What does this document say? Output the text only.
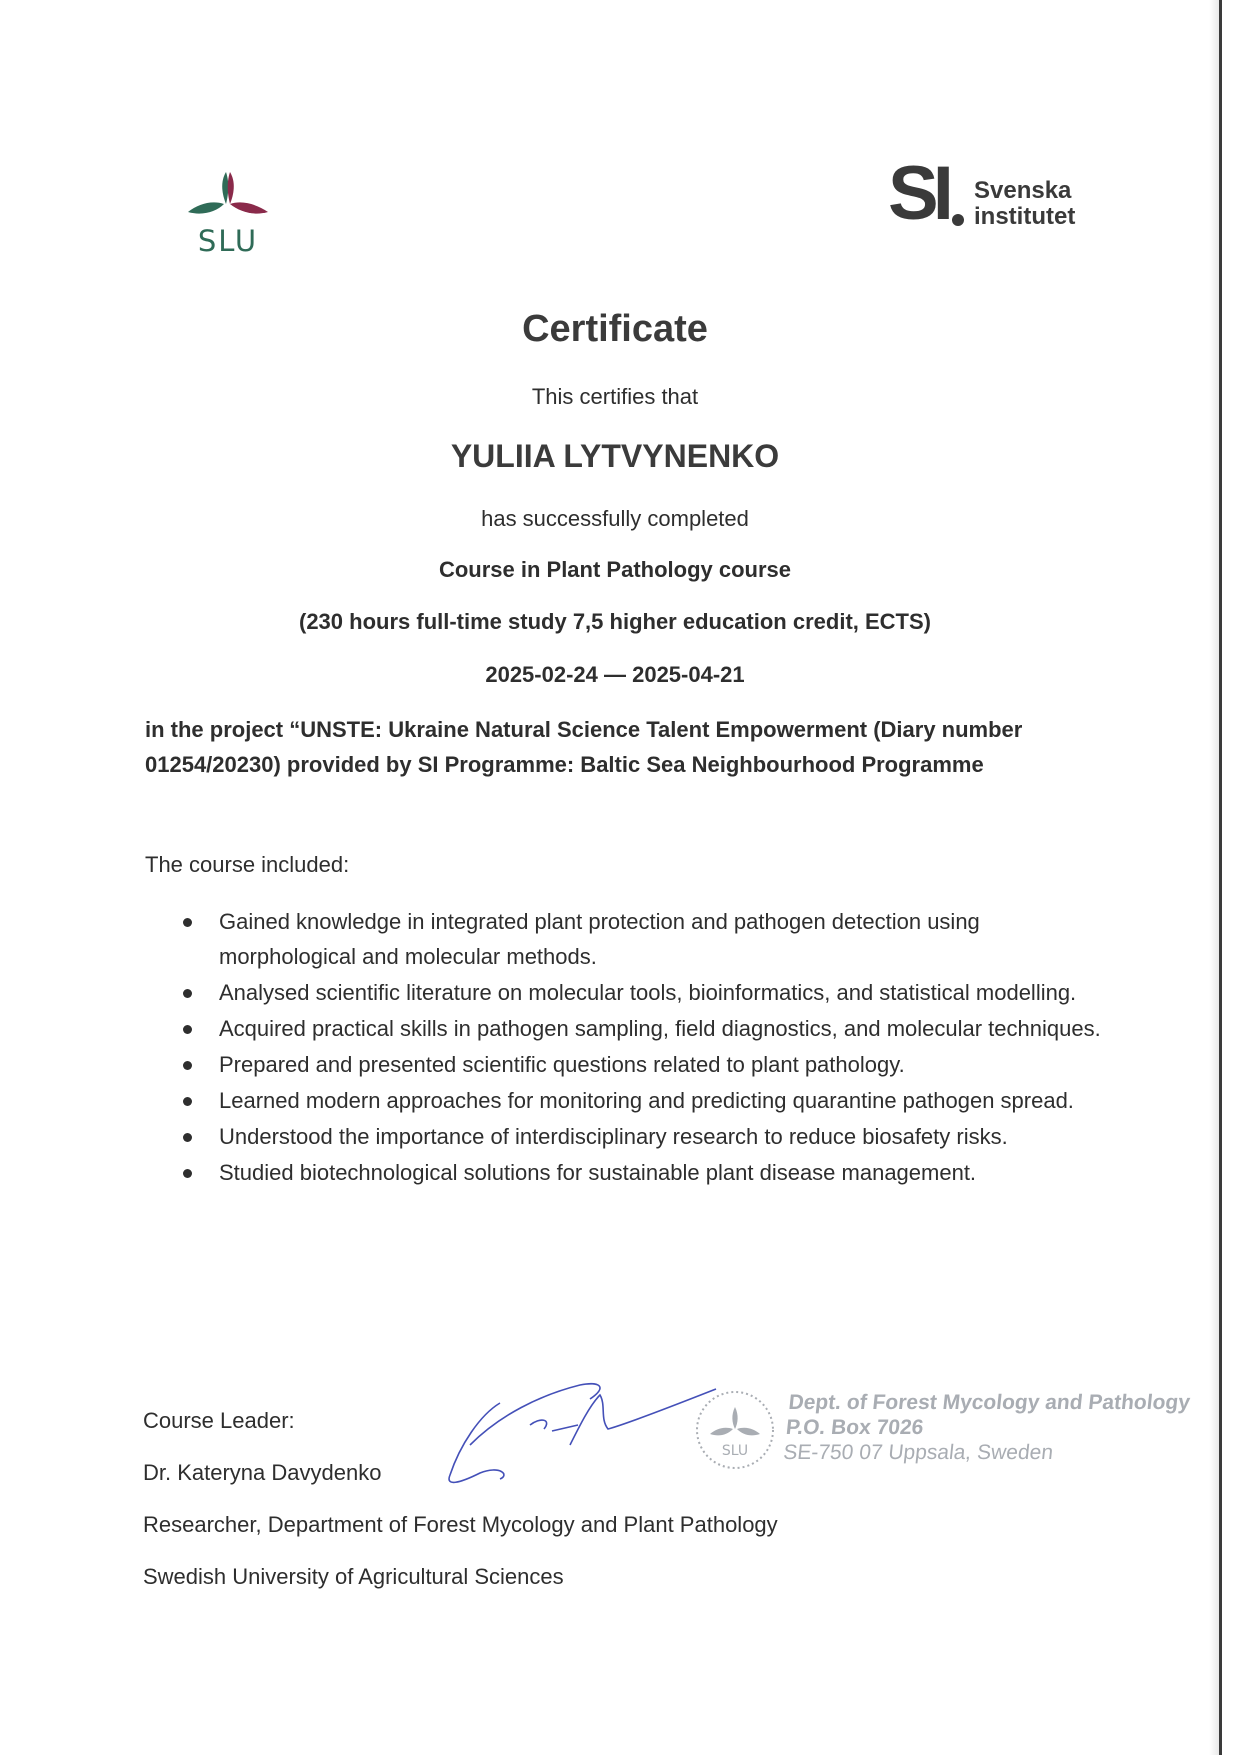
SLU
SI Svenska
institutet
Certificate
This certifies that
YULIIA LYTVYNENKO
has successfully completed
Course in Plant Pathology course
(230 hours full-time study 7,5 higher education credit, ECTS)
2025-02-24 — 2025-04-21
in the project “UNSTE: Ukraine Natural Science Talent Empowerment (Diary number
01254/20230) provided by SI Programme: Baltic Sea Neighbourhood Programme
The course included:
Gained knowledge in integrated plant protection and pathogen detection using morphological and molecular methods.
Analysed scientific literature on molecular tools, bioinformatics, and statistical modelling.
Acquired practical skills in pathogen sampling, field diagnostics, and molecular techniques.
Prepared and presented scientific questions related to plant pathology.
Learned modern approaches for monitoring and predicting quarantine pathogen spread.
Understood the importance of interdisciplinary research to reduce biosafety risks.
Studied biotechnological solutions for sustainable plant disease management.
Course Leader:
Dr. Kateryna Davydenko
Researcher, Department of Forest Mycology and Plant Pathology
Swedish University of Agricultural Sciences
SLU
Dept. of Forest Mycology and Pathology
P.O. Box 7026
SE-750 07 Uppsala, Sweden
